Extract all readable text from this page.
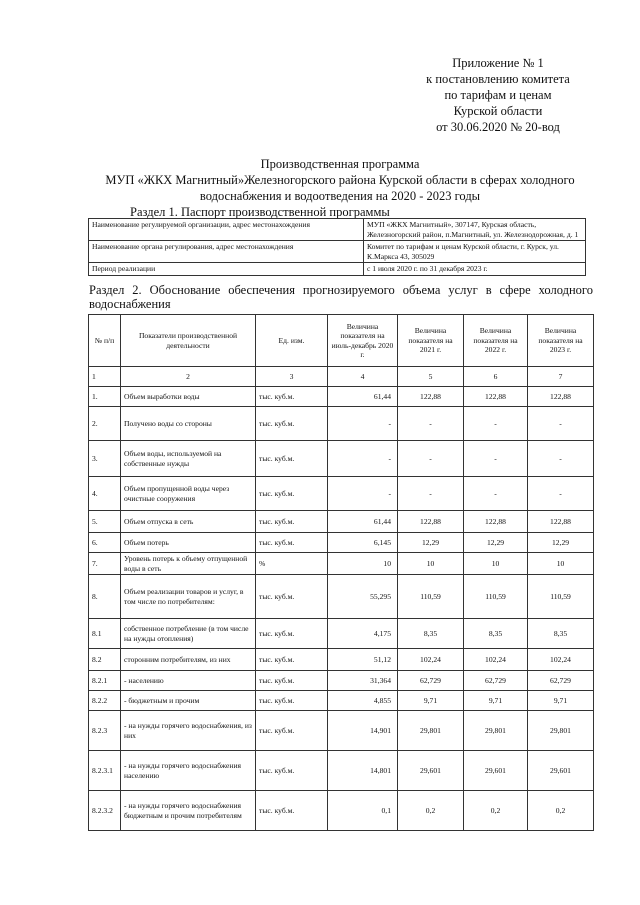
Приложение № 1
к постановлению комитета
по тарифам и ценам
Курской области
от 30.06.2020 № 20-вод
Производственная программа
МУП «ЖКХ Магнитный»Железногорского района Курской области в сферах холодного
водоснабжения и водоотведения на 2020 - 2023 годы
Раздел 1. Паспорт производственной программы
Наименование регулируемой организации, адрес местонахождения	МУП «ЖКХ Магнитный», 307147, Курская область, Железногорский район, п.Магнитный, ул. Железнодорожная, д. 1
Наименование органа регулирования, адрес местонахождения	Комитет по тарифам и ценам Курской области, г. Курск, ул. К.Маркса 43, 305029
Период реализации	с 1 июля 2020 г. по 31 декабря 2023 г.
Раздел 2. Обоснование обеспечения прогнозируемого объема услуг в сфере холодного водоснабжения
№ п/п	Показатели производственной деятельности	Ед. изм.	Величина показателя на июль-декабрь 2020 г.	Величина показателя на 2021 г.	Величина показателя на 2022 г.	Величина показателя на 2023 г.
1	2	3	4	5	6	7
1.	Объем выработки воды	тыс. куб.м.	61,44	122,88	122,88	122,88
2.	Получено воды со стороны	тыс. куб.м.	-	-	-	-
3.	Объем воды, используемой на собственные нужды	тыс. куб.м.	-	-	-	-
4.	Объем пропущенной воды через очистные сооружения	тыс. куб.м.	-	-	-	-
5.	Объем отпуска в сеть	тыс. куб.м.	61,44	122,88	122,88	122,88
6.	Объем потерь	тыс. куб.м.	6,145	12,29	12,29	12,29
7.	Уровень потерь к объему отпущенной воды в сеть	%	10	10	10	10
8.	Объем реализации товаров и услуг, в том числе по потребителям:	тыс. куб.м.	55,295	110,59	110,59	110,59
8.1	собственное потребление (в том числе на нужды отопления)	тыс. куб.м.	4,175	8,35	8,35	8,35
8.2	сторонним потребителям, из них	тыс. куб.м.	51,12	102,24	102,24	102,24
8.2.1	- населению	тыс. куб.м.	31,364	62,729	62,729	62,729
8.2.2	- бюджетным и прочим	тыс. куб.м.	4,855	9,71	9,71	9,71
8.2.3	- на нужды горячего водоснабжения, из них	тыс. куб.м.	14,901	29,801	29,801	29,801
8.2.3.1	- на нужды горячего водоснабжения населению	тыс. куб.м.	14,801	29,601	29,601	29,601
8.2.3.2	- на нужды горячего водоснабжения бюджетным и прочим потребителям	тыс. куб.м.	0,1	0,2	0,2	0,2
